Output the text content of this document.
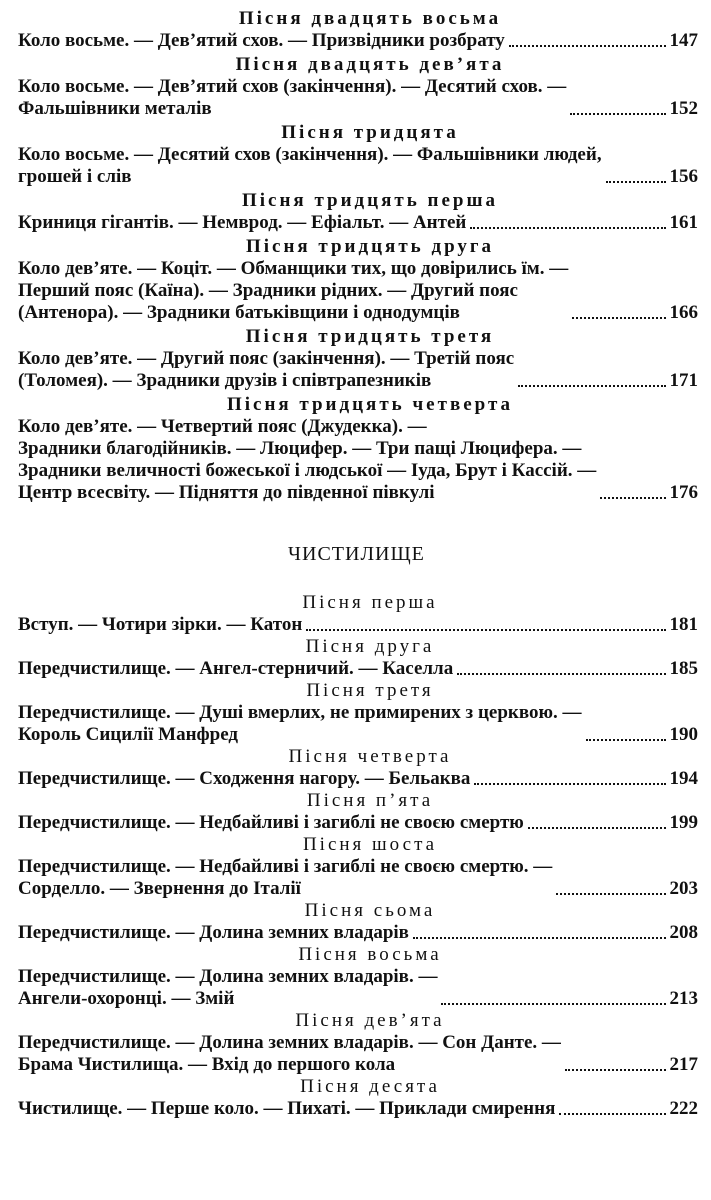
Пісня двадцять восьма
Коло восьме. — Дев’ятий схов. — Призвідники розбрату	147
Пісня двадцять дев’ята
Коло восьме. — Дев’ятий схов (закінчення). — Десятий схов. —
Фальшівники металів	152
Пісня тридцята
Коло восьме. — Десятий схов (закінчення). — Фальшівники людей,
грошей і слів	156
Пісня тридцять перша
Криниця гігантів. — Немврод. — Ефіальт. — Антей	161
Пісня тридцять друга
Коло дев’яте. — Коціт. — Обманщики тих, що довірились їм. —
Перший пояс (Каїна). — Зрадники рідних. — Другий пояс
(Антенора). — Зрадники батьківщини і однодумців	166
Пісня тридцять третя
Коло дев’яте. — Другий пояс (закінчення). — Третій пояс
(Толомея). — Зрадники друзів і співтрапезників	171
Пісня тридцять четверта
Коло дев’яте. — Четвертий пояс (Джудекка). —
Зрадники благодійників. — Люцифер. — Три пащі Люцифера. —
Зрадники величності божеської і людської — Іуда, Брут і Кассій. —
Центр всесвіту. — Підняття до південної півкулі	176
ЧИСТИЛИЩЕ
Пісня перша
Вступ. — Чотири зірки. — Катон	181
Пісня друга
Передчистилище. — Ангел-стерничий. — Каселла	185
Пісня третя
Передчистилище. — Душі вмерлих, не примирених з церквою. —
Король Сицилії Манфред	190
Пісня четверта
Передчистилище. — Сходження нагору. — Бельаква	194
Пісня п’ята
Передчистилище. — Недбайливі і загиблі не своєю смертю	199
Пісня шоста
Передчистилище. — Недбайливі і загиблі не своєю смертю. —
Сорделло. — Звернення до Італії	203
Пісня сьома
Передчистилище. — Долина земних владарів	208
Пісня восьма
Передчистилище. — Долина земних владарів. —
Ангели-охоронці. — Змій	213
Пісня дев’ята
Передчистилище. — Долина земних владарів. — Сон Данте. —
Брама Чистилища. — Вхід до першого кола	217
Пісня десята
Чистилище. — Перше коло. — Пихаті. — Приклади смирення	222
